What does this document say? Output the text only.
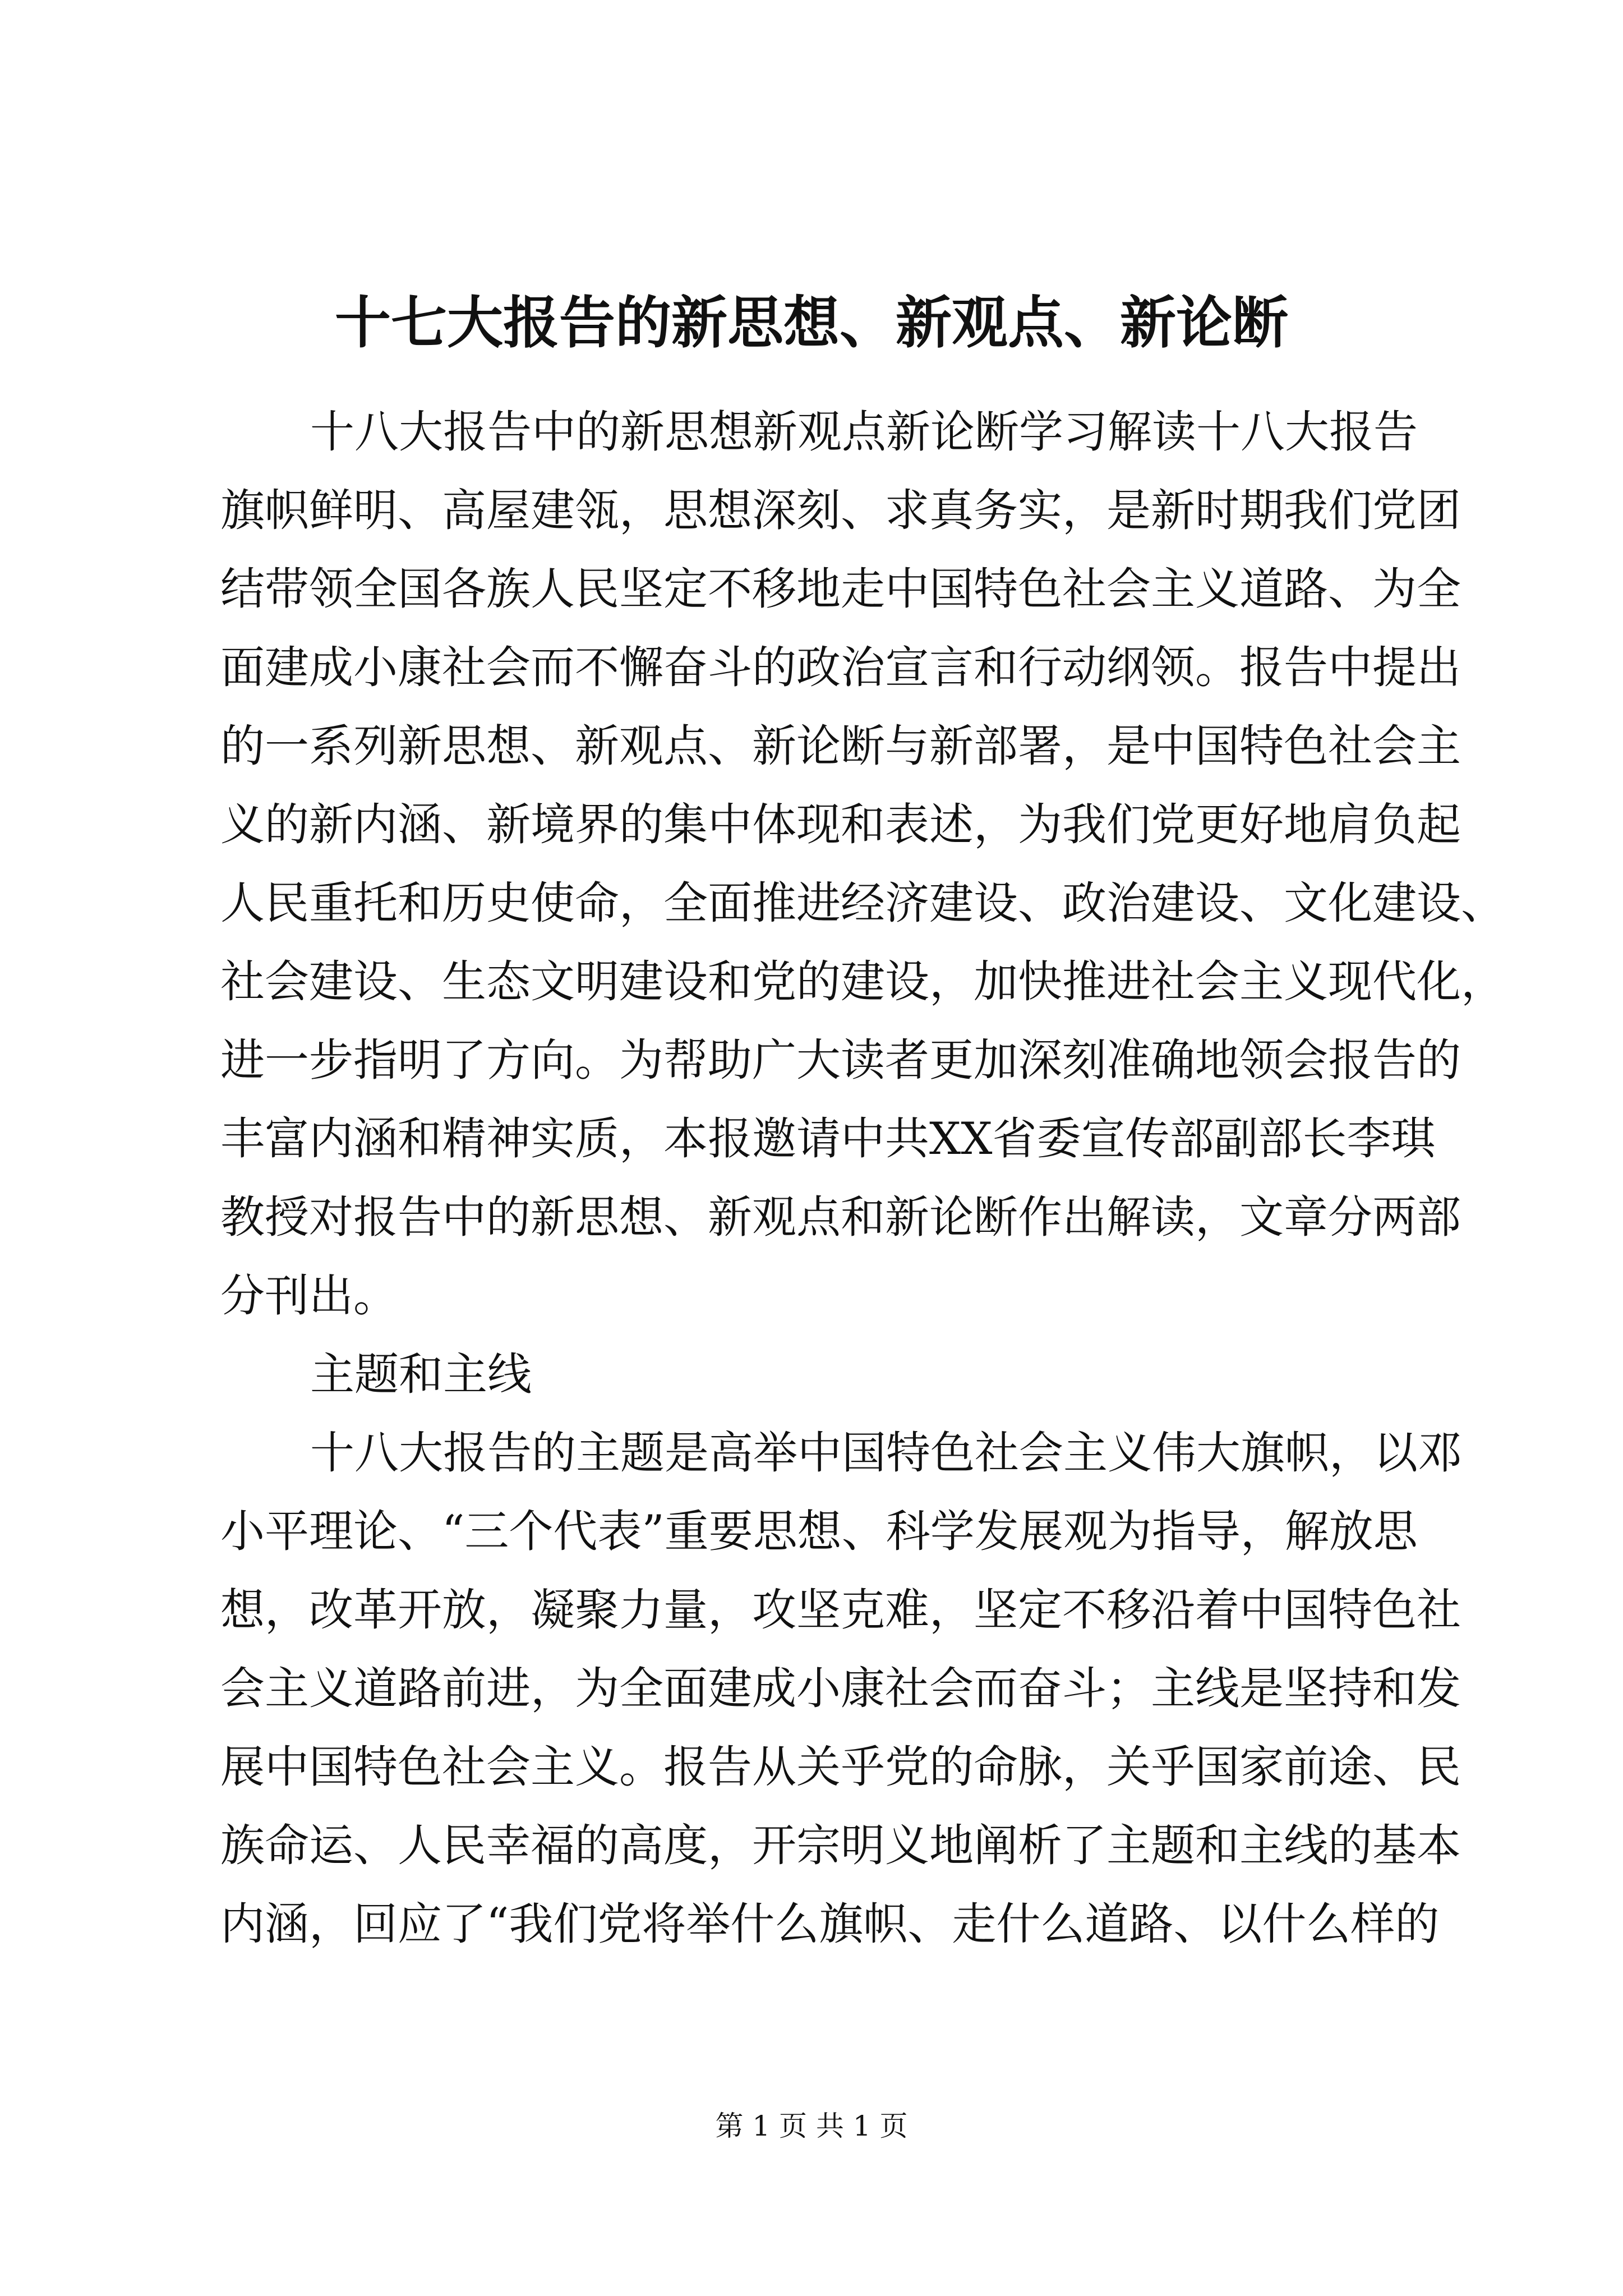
十七大报告的新思想、新观点、新论断
十八大报告中的新思想新观点新论断学习解读十八大报告
旗帜鲜明、高屋建瓴，思想深刻、求真务实，是新时期我们党团
结带领全国各族人民坚定不移地走中国特色社会主义道路、为全
面建成小康社会而不懈奋斗的政治宣言和行动纲领。报告中提出
的一系列新思想、新观点、新论断与新部署，是中国特色社会主
义的新内涵、新境界的集中体现和表述，为我们党更好地肩负起
人民重托和历史使命，全面推进经济建设、政治建设、文化建设、
社会建设、生态文明建设和党的建设，加快推进社会主义现代化，
进一步指明了方向。为帮助广大读者更加深刻准确地领会报告的
丰富内涵和精神实质，本报邀请中共XX省委宣传部副部长李琪
教授对报告中的新思想、新观点和新论断作出解读，文章分两部
分刊出。
主题和主线
十八大报告的主题是高举中国特色社会主义伟大旗帜，以邓
小平理论、“三个代表”重要思想、科学发展观为指导，解放思
想，改革开放，凝聚力量，攻坚克难，坚定不移沿着中国特色社
会主义道路前进，为全面建成小康社会而奋斗；主线是坚持和发
展中国特色社会主义。报告从关乎党的命脉，关乎国家前途、民
族命运、人民幸福的高度，开宗明义地阐析了主题和主线的基本
内涵，回应了“我们党将举什么旗帜、走什么道路、以什么样的
第 1 页 共 1 页
